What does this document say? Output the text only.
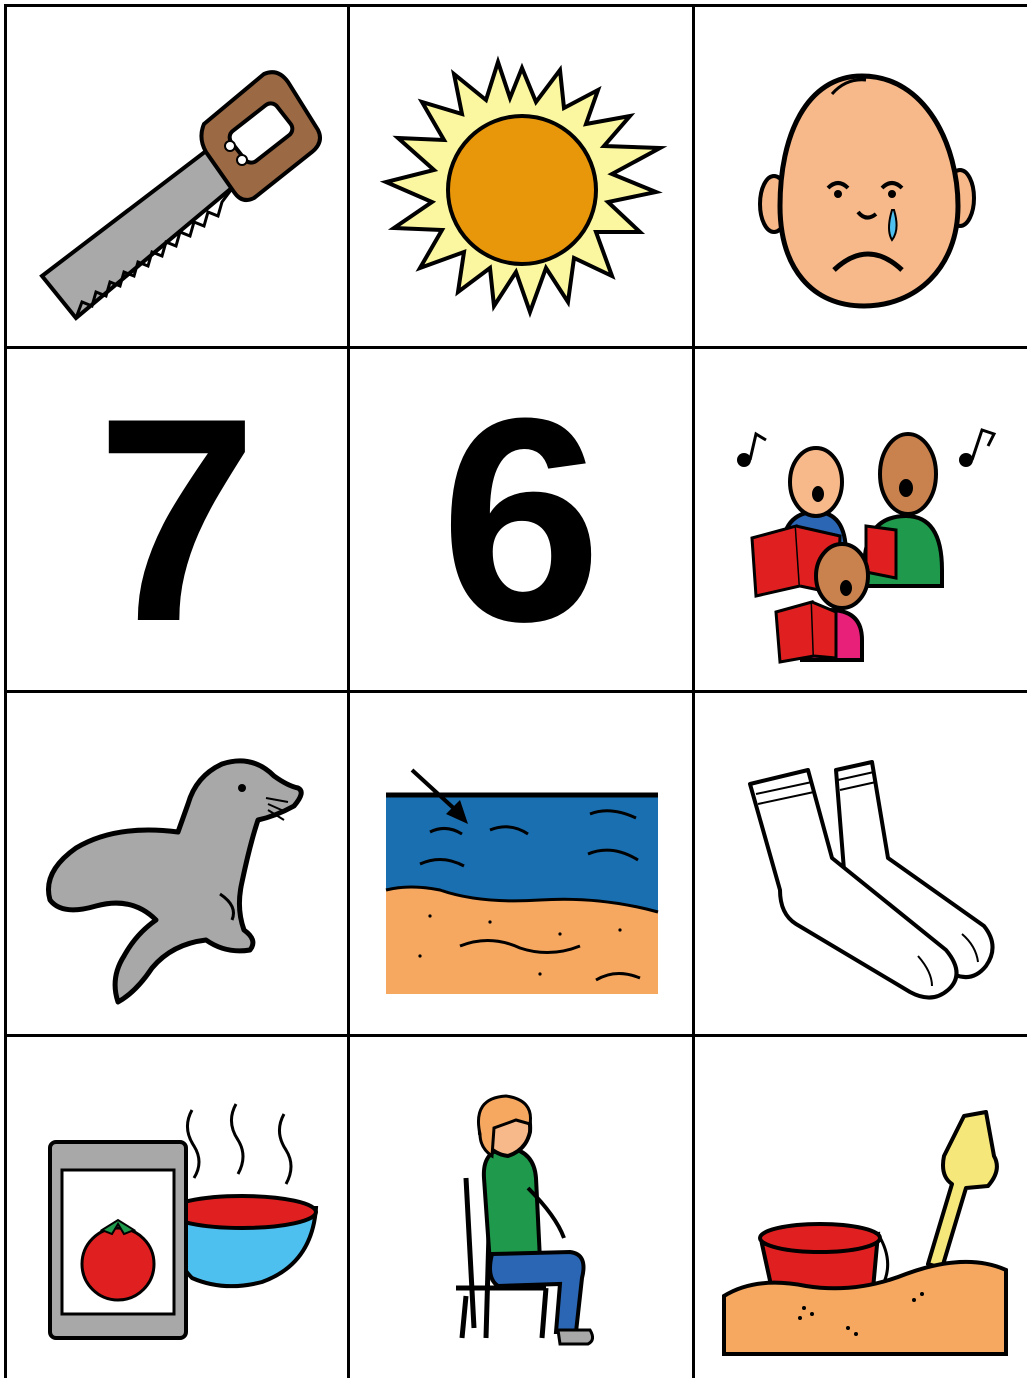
7 6
